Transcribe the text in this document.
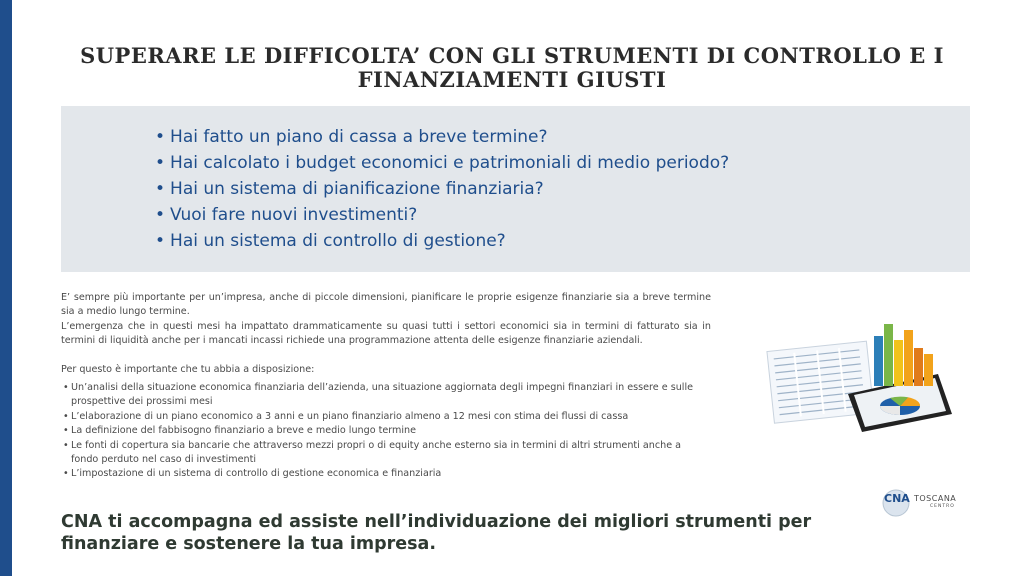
SUPERARE LE DIFFICOLTA’ CON GLI STRUMENTI DI CONTROLLO E I
FINANZIAMENTI GIUSTI
• Hai fatto un piano di cassa a breve termine?
• Hai calcolato i budget economici e patrimoniali di medio periodo?
• Hai un sistema di pianificazione finanziaria?
• Vuoi fare nuovi investimenti?
• Hai un sistema di controllo di gestione?

E’ sempre più importante per un’impresa, anche di piccole dimensioni, pianificare le proprie esigenze finanziarie sia a breve termine sia a medio lungo termine.

L’emergenza che in questi mesi ha impattato drammaticamente su quasi tutti i settori economici sia in termini di fatturato sia in termini di liquidità anche per i mancati incassi richiede una programmazione attenta delle esigenze finanziarie aziendali.

Per questo è importante che tu abbia a disposizione:

• Un’analisi della situazione economica finanziaria dell’azienda, una situazione aggiornata degli impegni finanziari in essere e sulle prospettive dei prossimi mesi
• L’elaborazione di un piano economico a 3 anni e un piano finanziario almeno a 12 mesi con stima dei flussi di cassa
• La definizione del fabbisogno finanziario a breve e medio lungo termine
• Le fonti di copertura sia bancarie che attraverso mezzi propri o di equity anche esterno sia in termini di altri strumenti anche a fondo perduto nel caso di investimenti
• L’impostazione di un sistema di controllo di gestione economica e finanziaria
CNA TOSCANA
CENTRO
CNA ti accompagna ed assiste nell’individuazione dei migliori strumenti per
finanziare e sostenere la tua impresa.
